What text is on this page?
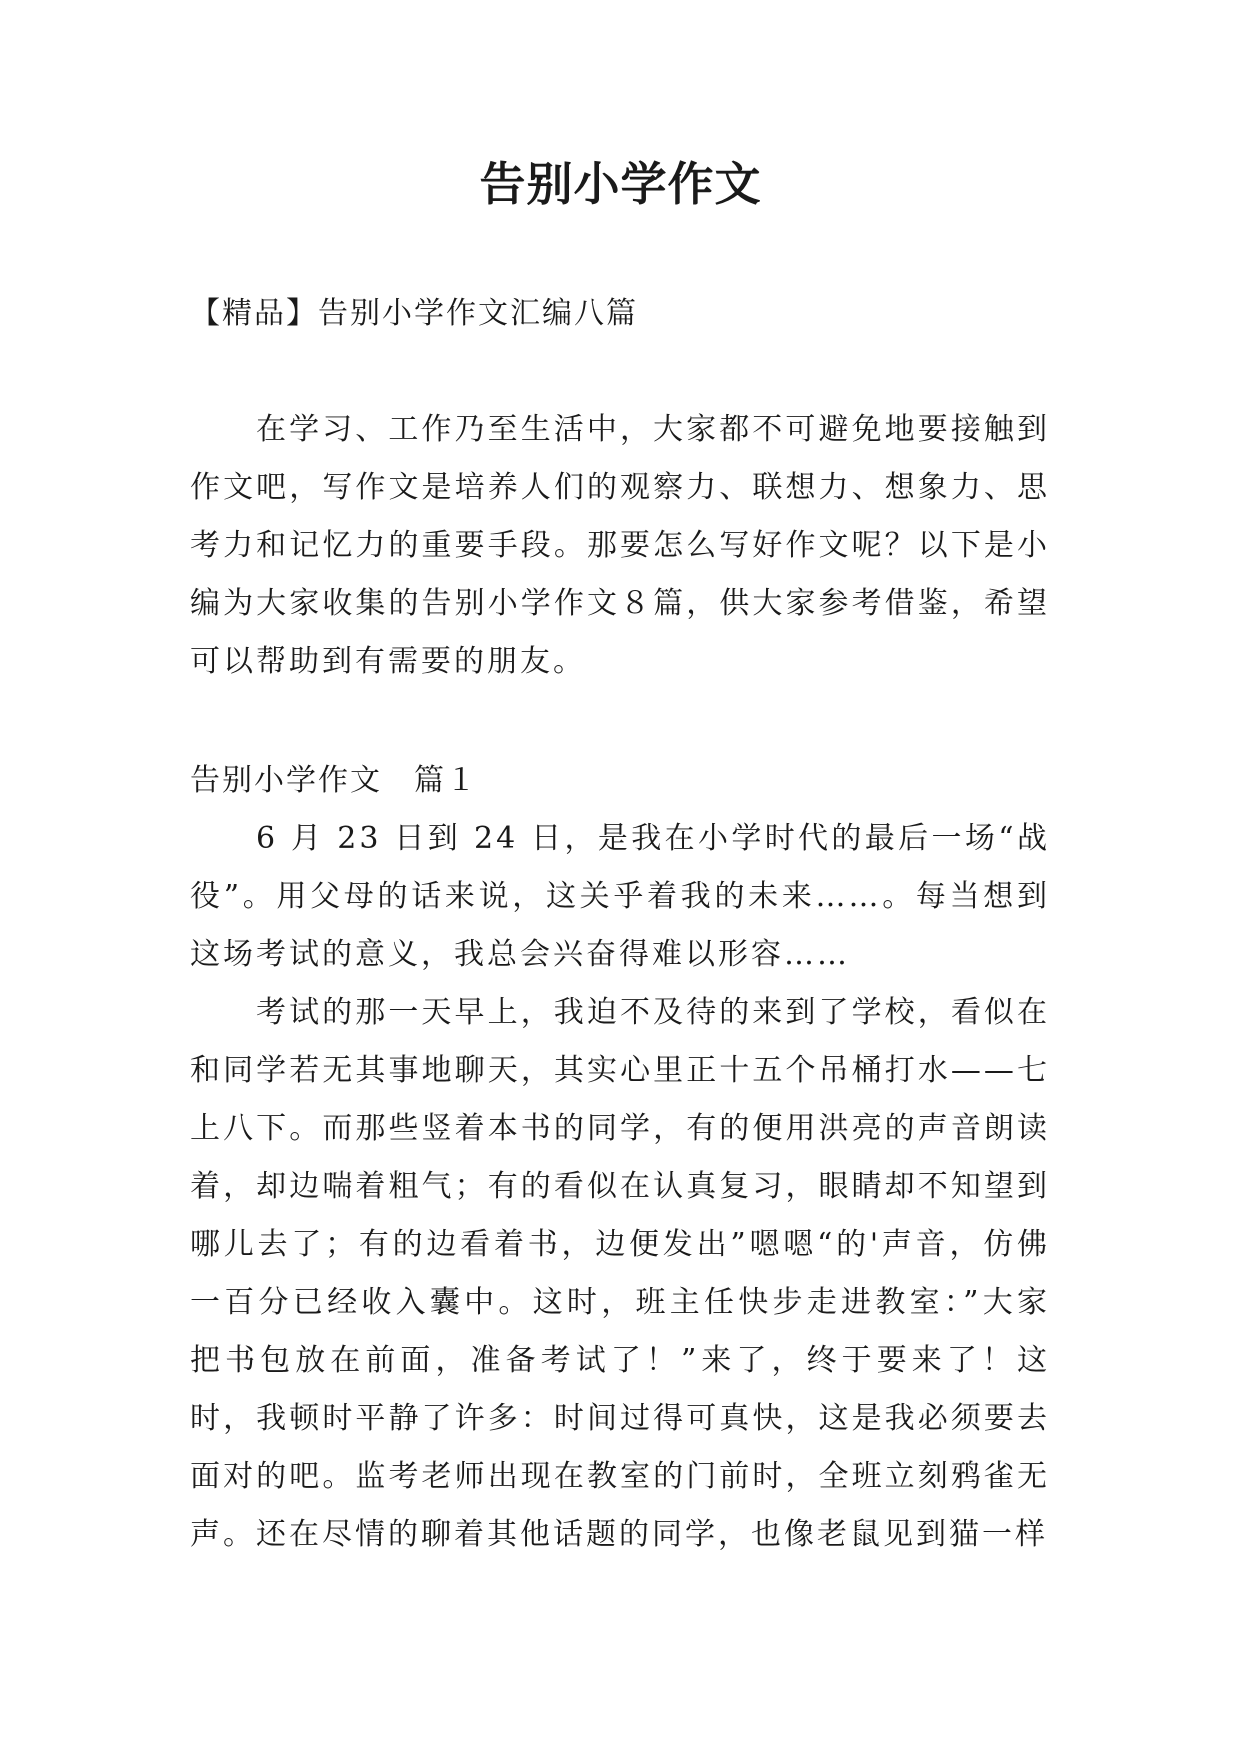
告别小学作文
【精品】告别小学作文汇编八篇

在学习、工作乃至生活中，大家都不可避免地要接触到作文吧，写作文是培养人们的观察力、联想力、想象力、思考力和记忆力的重要手段。那要怎么写好作文呢？以下是小编为大家收集的告别小学作文８篇，供大家参考借鉴，希望可以帮助到有需要的朋友。

告别小学作文　篇１

6 月 23 日到 24 日，是我在小学时代的最后一场“战役”。用父母的话来说，这关乎着我的未来……。每当想到这场考试的意义，我总会兴奋得难以形容……

考试的那一天早上，我迫不及待的来到了学校，看似在和同学若无其事地聊天，其实心里正十五个吊桶打水——七上八下。而那些竖着本书的同学，有的便用洪亮的声音朗读着，却边喘着粗气；有的看似在认真复习，眼睛却不知望到哪儿去了；有的边看着书，边便发出”嗯嗯“的'声音，仿佛一百分已经收入囊中。这时，班主任快步走进教室：”大家把书包放在前面，准备考试了！”来了，终于要来了！这时，我顿时平静了许多：时间过得可真快，这是我必须要去面对的吧。监考老师出现在教室的门前时，全班立刻鸦雀无声。还在尽情的聊着其他话题的同学，也像老鼠见到猫一样
